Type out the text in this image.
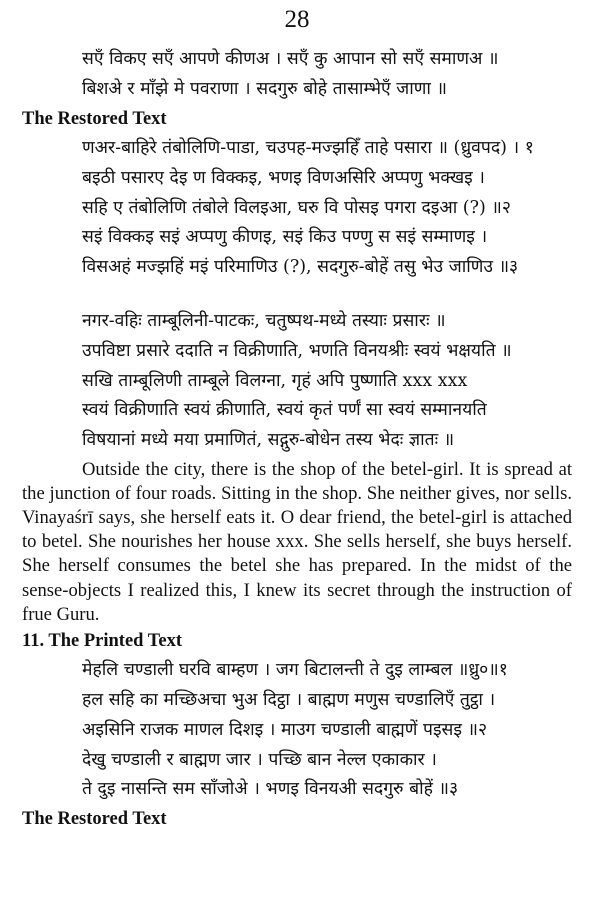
28
सएँ विकए सएँ आपणे कीणअ । सएँ कु आपान सो सएँ समाणअ ॥
बिशअे र माँझे मे पवराणा । सदगुरु बोहे तासाम्भेएँ जाणा ॥
The Restored Text
णअर-बाहिरे तंबोलिणि-पाडा, चउपह-मज्झहिँ ताहे पसारा ॥ (ध्रुवपद) । १
बइठी पसारए देइ ण विक्कइ, भणइ विणअसिरि अप्पणु भक्खइ ।
सहि ए तंबोलिणि तंबोले विलइआ, घरु वि पोसइ पगरा दइआ (?) ॥२
सइं विक्कइ सइं अप्पणु कीणइ, सइं किउ पण्णु स सइं सम्माणइ ।
विसअहं मज्झहिं मइं परिमाणिउ (?), सदगुरु-बोहें तसु भेउ जाणिउ ॥३
नगर-वहिः ताम्बूलिनी-पाटकः, चतुष्पथ-मध्ये तस्याः प्रसारः ॥
उपविष्टा प्रसारे ददाति न विक्रीणाति, भणति विनयश्रीः स्वयं भक्षयति ॥
सखि ताम्बूलिणी ताम्बूले विलग्ना, गृहं अपि पुष्णाति xxx xxx
स्वयं विक्रीणाति स्वयं क्रीणाति, स्वयं कृतं पर्णं सा स्वयं सम्मानयति
विषयानां मध्ये मया प्रमाणितं, सद्गुरु-बोधेन तस्य भेदः ज्ञातः ॥

Outside the city, there is the shop of the betel-girl. It is spread at the junction of four roads. Sitting in the shop. She neither gives, nor sells. Vinayaśrī says, she herself eats it. O dear friend, the betel-girl is attached to betel. She nourishes her house xxx. She sells herself, she buys herself. She herself consumes the betel she has prepared. In the midst of the sense-objects I realized this, I knew its secret through the instruction of frue Guru.

11. The Printed Text
मेहलि चण्डाली घरवि बाम्हण । जग बिटालन्ती ते दुइ लाम्बल ॥ध्रु०॥१
हल सहि का मच्छिअचा भुअ दिट्ठा । बाह्मण मणुस चण्डालिएँ तुट्ठा ।
अइसिनि राजक माणल दिशइ । माउग चण्डाली बाह्मणें पइसइ ॥२
देखु चण्डाली र बाह्मण जार । पच्छि बान नेल्ल एकाकार ।
ते दुइ नासन्ति सम साँजोअे । भणइ विनयअी सदगुरु बोहें ॥३
The Restored Text
